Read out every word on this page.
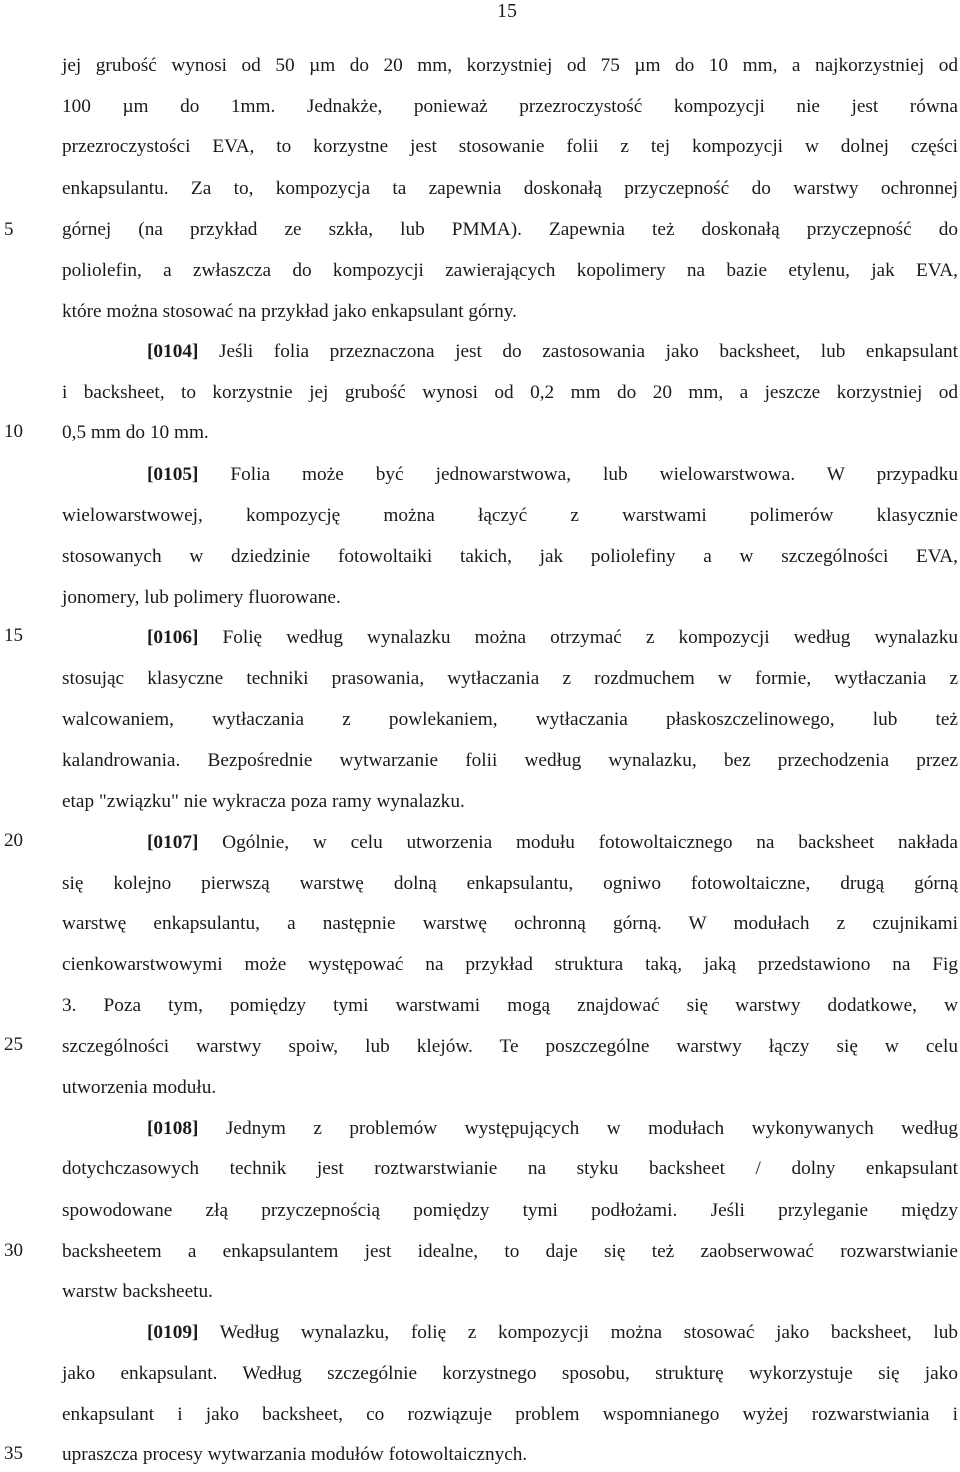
15
5
10
15
20
25
30
35
jej grubość wynosi od 50 µm do 20 mm, korzystniej od 75 µm do 10 mm, a najkorzystniej od
100 µm do 1mm. Jednakże, ponieważ przezroczystość kompozycji nie jest równa
przezroczystości EVA, to korzystne jest stosowanie folii z tej kompozycji w dolnej części
enkapsulantu. Za to, kompozycja ta zapewnia doskonałą przyczepność do warstwy ochronnej
górnej (na przykład ze szkła, lub PMMA). Zapewnia też doskonałą przyczepność do
poliolefin, a zwłaszcza do kompozycji zawierających kopolimery na bazie etylenu, jak EVA,
które można stosować na przykład jako enkapsulant górny.
[0104] Jeśli folia przeznaczona jest do zastosowania jako backsheet, lub enkapsulant
i backsheet, to korzystnie jej grubość wynosi od 0,2 mm do 20 mm, a jeszcze korzystniej od
0,5 mm do 10 mm.
[0105] Folia może być jednowarstwowa, lub wielowarstwowa. W przypadku
wielowarstwowej, kompozycję można łączyć z warstwami polimerów klasycznie
stosowanych w dziedzinie fotowoltaiki takich, jak poliolefiny a w szczególności EVA,
jonomery, lub polimery fluorowane.
[0106] Folię według wynalazku można otrzymać z kompozycji według wynalazku
stosując klasyczne techniki prasowania, wytłaczania z rozdmuchem w formie, wytłaczania z
walcowaniem, wytłaczania z powlekaniem, wytłaczania płaskoszczelinowego, lub też
kalandrowania. Bezpośrednie wytwarzanie folii według wynalazku, bez przechodzenia przez
etap "związku" nie wykracza poza ramy wynalazku.
[0107] Ogólnie, w celu utworzenia modułu fotowoltaicznego na backsheet nakłada
się kolejno pierwszą warstwę dolną enkapsulantu, ogniwo fotowoltaiczne, drugą górną
warstwę enkapsulantu, a następnie warstwę ochronną górną. W modułach z czujnikami
cienkowarstwowymi może występować na przykład struktura taką, jaką przedstawiono na Fig
3. Poza tym, pomiędzy tymi warstwami mogą znajdować się warstwy dodatkowe, w
szczególności warstwy spoiw, lub klejów. Te poszczególne warstwy łączy się w celu
utworzenia modułu.
[0108] Jednym z problemów występujących w modułach wykonywanych według
dotychczasowych technik jest roztwarstwianie na styku backsheet / dolny enkapsulant
spowodowane złą przyczepnością pomiędzy tymi podłożami. Jeśli przyleganie między
backsheetem a enkapsulantem jest idealne, to daje się też zaobserwować rozwarstwianie
warstw backsheetu.
[0109] Według wynalazku, folię z kompozycji można stosować jako backsheet, lub
jako enkapsulant. Według szczególnie korzystnego sposobu, strukturę wykorzystuje się jako
enkapsulant i jako backsheet, co rozwiązuje problem wspomnianego wyżej rozwarstwiania i
upraszcza procesy wytwarzania modułów fotowoltaicznych.
